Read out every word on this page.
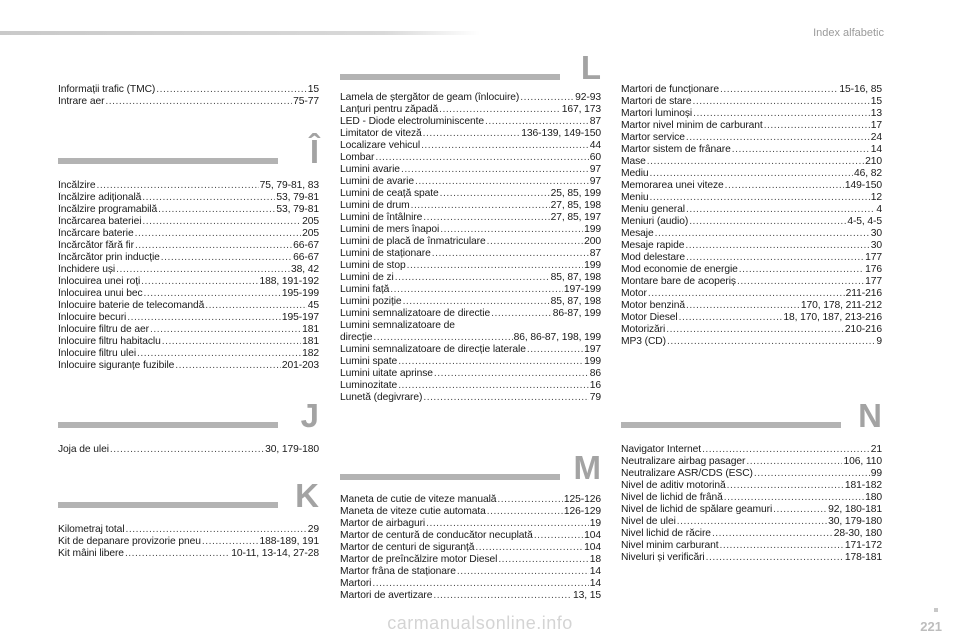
Index alfabetic
Informații trafic (TMC) .....	15
Intrare aer .....	75-77
Î
Încălzire .....	75, 79-81, 83
Încălzire adițională .....	53, 79-81
Încălzire programabilă .....	53, 79-81
Încărcarea bateriei .....	205
Încărcare baterie .....	205
Încărcător fără fir .....	66-67
Încărcător prin inducție .....	66-67
Închidere uși .....	38, 42
Înlocuirea unei roți .....	188, 191-192
Înlocuirea unui bec .....	195-199
Înlocuire baterie de telecomandă .....	45
Înlocuire becuri .....	195-197
Înlocuire filtru de aer .....	181
Înlocuire filtru habitaclu .....	181
Înlocuire filtru ulei .....	182
Înlocuire siguranțe fuzibile .....	201-203
J
Joja de ulei .....	30, 179-180
K
Kilometraj total .....	29
Kit de depanare provizorie pneu .....	188-189, 191
Kit mâini libere .....	10-11, 13-14, 27-28
L
Lamela de ștergător de geam (înlocuire) .....	92-93
Lanțuri pentru zăpadă .....	167, 173
LED - Diode electroluminiscente .....	87
Limitator de viteză .....	136-139, 149-150
Localizare vehicul .....	44
Lombar .....	60
Lumini avarie .....	97
Lumini de avarie .....	97
Lumini de ceață spate .....	25, 85, 199
Lumini de drum .....	27, 85, 198
Lumini de întâlnire .....	27, 85, 197
Lumini de mers înapoi .....	199
Lumini de placă de înmatriculare .....	200
Lumini de staționare .....	87
Lumini de stop .....	199
Lumini de zi .....	85, 87, 198
Lumini față .....	197-199
Lumini poziție .....	85, 87, 198
Lumini semnalizatoare de directie .....	86-87, 199
Lumini semnalizatoare de
direcție .....	86, 86-87, 198, 199
Lumini semnalizatoare de direcție laterale .....	197
Lumini spate .....	199
Lumini uitate aprinse .....	86
Luminozitate .....	16
Lunetă (degivrare) .....	79
M
Maneta de cutie de viteze manuală .....	125-126
Maneta de viteze cutie automata .....	126-129
Martor de airbaguri .....	19
Martor de centură de conducător necuplată .....	104
Martor de centuri de siguranță .....	104
Martor de preîncălzire motor Diesel .....	18
Martor frâna de staționare .....	14
Martori .....	14
Martori de avertizare .....	13, 15
Martori de funcționare .....	15-16, 85
Martori de stare .....	15
Martori luminoși .....	13
Martor nivel minim de carburant .....	17
Martor service .....	24
Martor sistem de frânare .....	14
Mase .....	210
Mediu .....	46, 82
Memorarea unei viteze .....	149-150
Meniu .....	12
Meniu general .....	4
Meniuri (audio) .....	4-5, 4-5
Mesaje .....	30
Mesaje rapide .....	30
Mod delestare .....	177
Mod economie de energie .....	176
Montare bare de acoperiș .....	177
Motor .....	211-216
Motor benzină .....	170, 178, 211-212
Motor Diesel .....	18, 170, 187, 213-216
Motorizări .....	210-216
MP3 (CD) .....	9
N
Navigator Internet .....	21
Neutralizare airbag pasager .....	106, 110
Neutralizare ASR/CDS (ESC) .....	99
Nivel de aditiv motorină .....	181-182
Nivel de lichid de frână .....	180
Nivel de lichid de spălare geamuri .....	92, 180-181
Nivel de ulei .....	30, 179-180
Nivel lichid de răcire .....	28-30, 180
Nivel minim carburant .....	171-172
Niveluri și verificări .....	178-181
221
carmanualsonline.info
